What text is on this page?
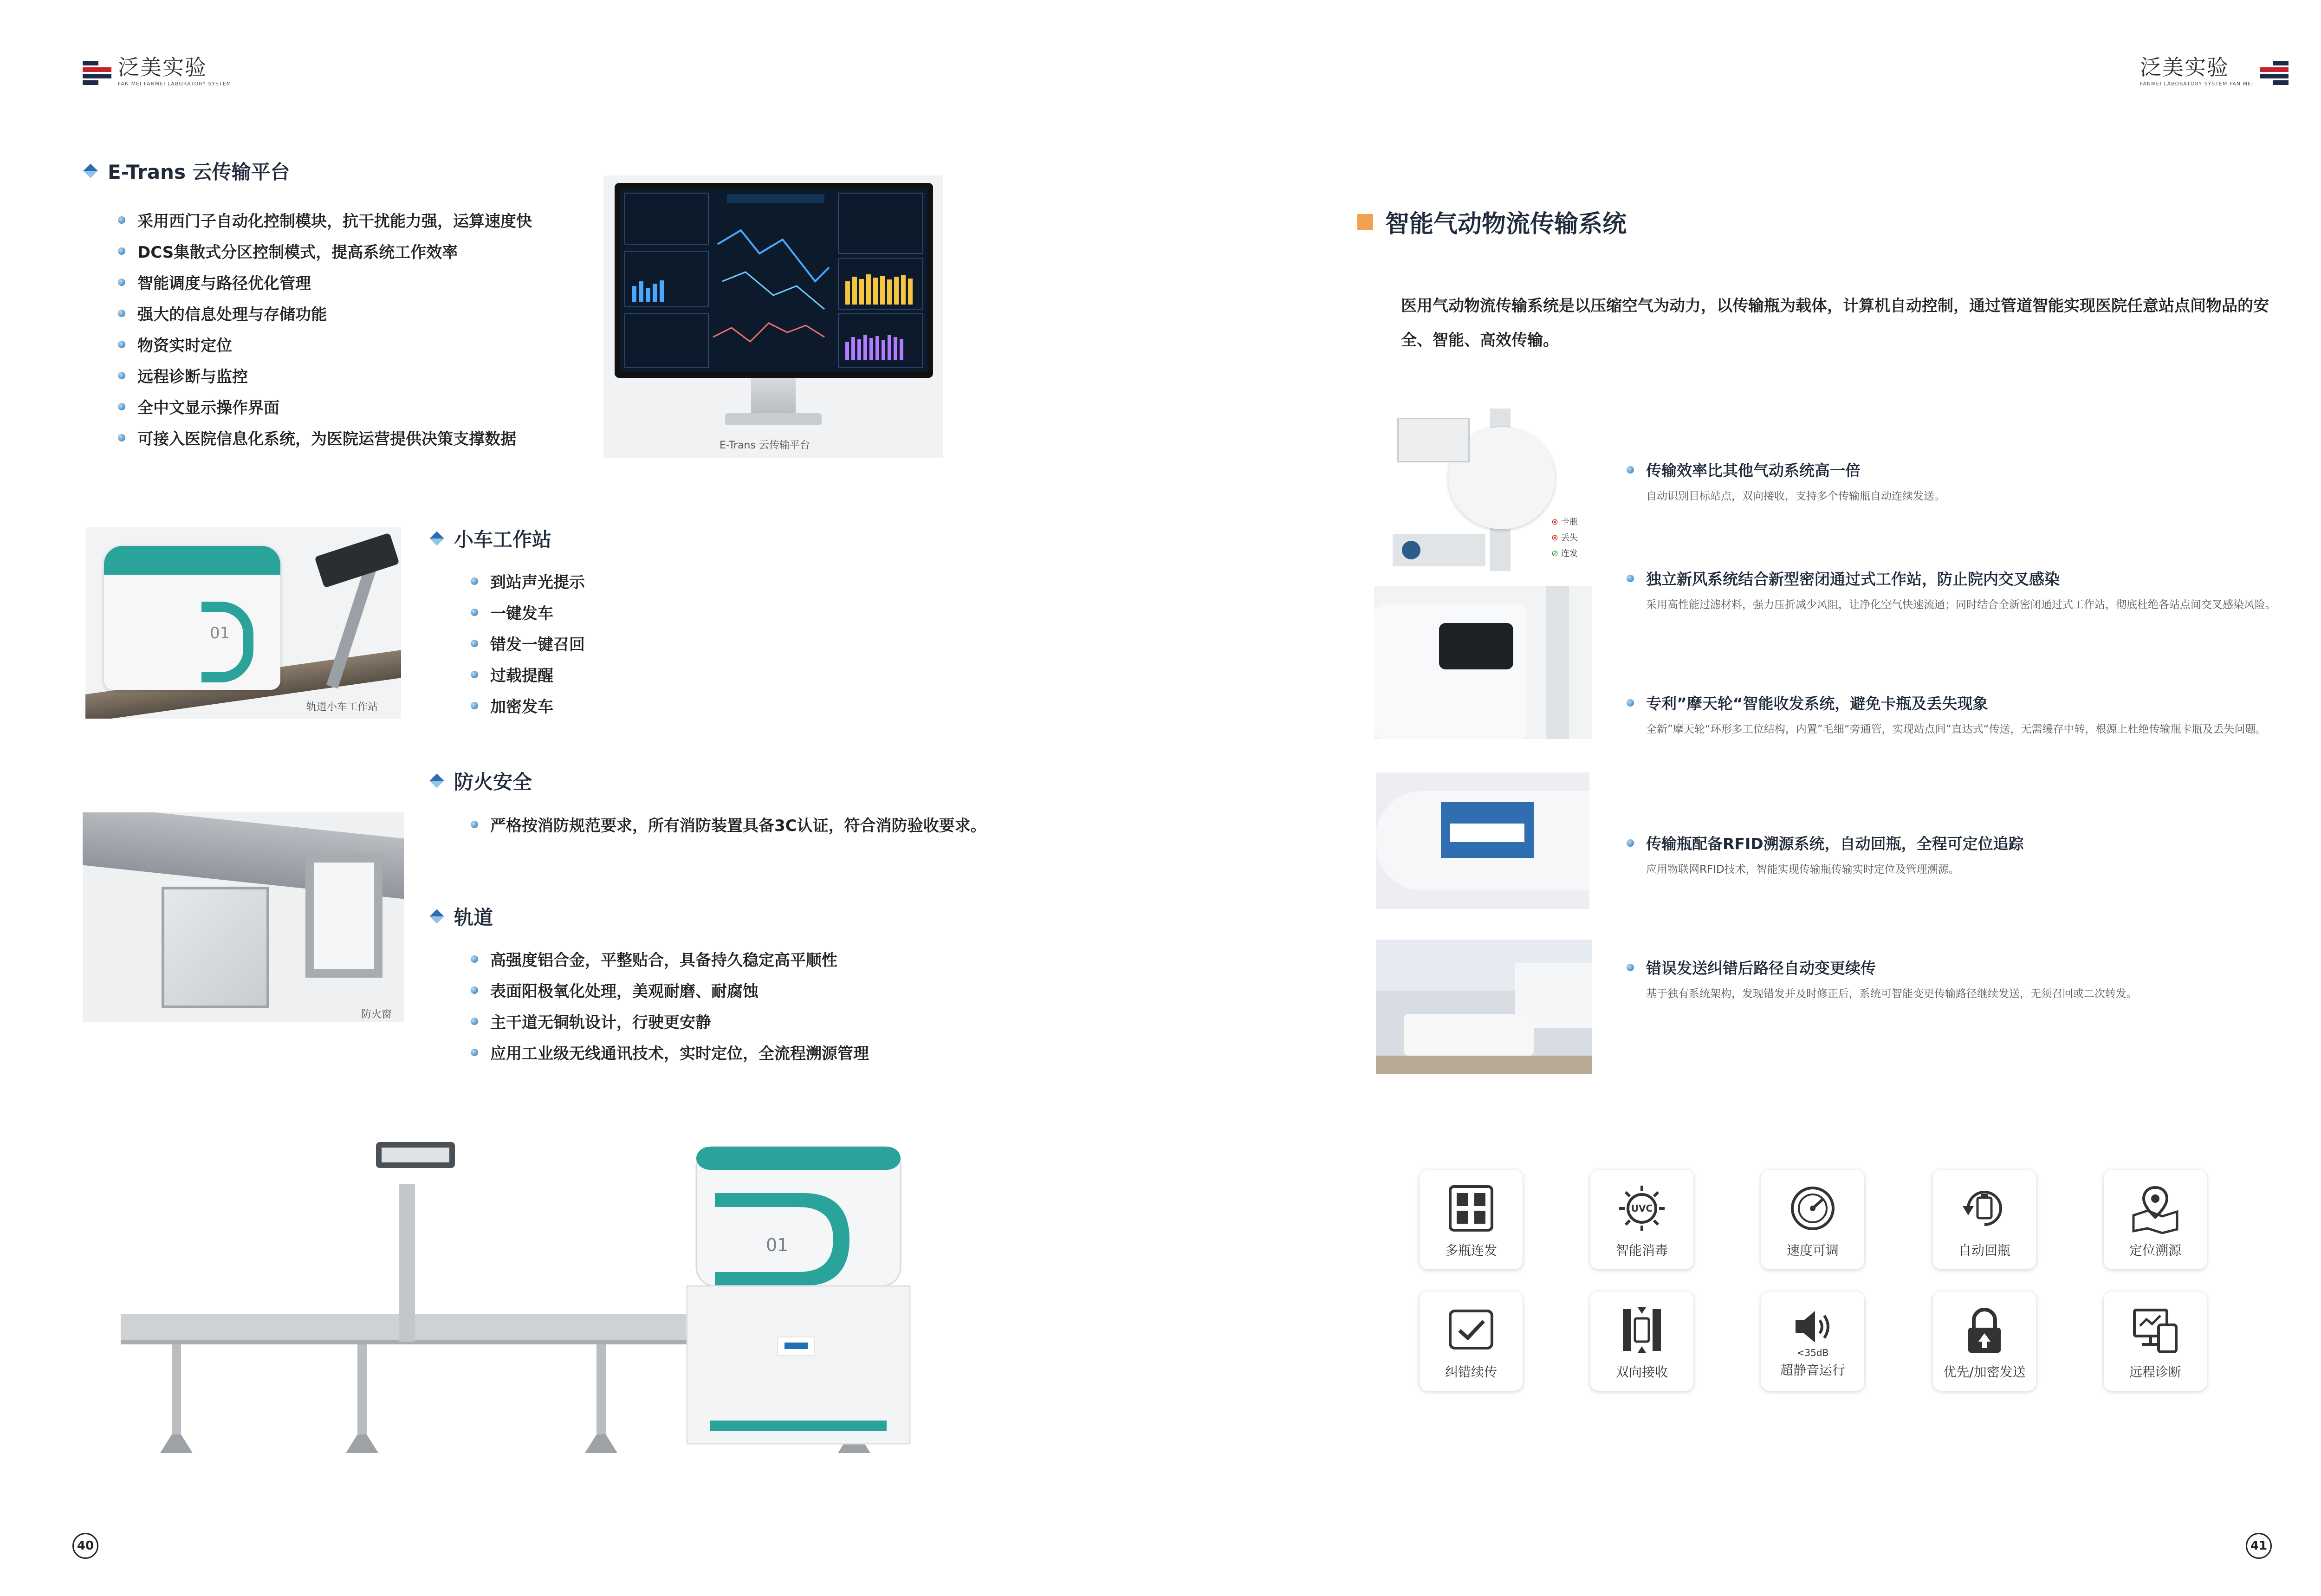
泛美实验
FAN MEI FANMEI LABORATORY SYSTEM
E-Trans 云传输平台
采用西门子自动化控制模块，抗干扰能力强，运算速度快
DCS集散式分区控制模式，提高系统工作效率
智能调度与路径优化管理
强大的信息处理与存储功能
物资实时定位
远程诊断与监控
全中文显示操作界面
可接入医院信息化系统，为医院运营提供决策支撑数据	E-Trans 云传输平台
01
轨道小车工作站
小车工作站
到站声光提示
一键发车
错发一键召回
过载提醒
加密发车
防火窗
防火安全
严格按消防规范要求，所有消防装置具备3C认证，符合消防验收要求。
轨道
高强度铝合金，平整贴合，具备持久稳定高平顺性
表面阳极氧化处理，美观耐磨、耐腐蚀
主干道无铜轨设计，行驶更安静
应用工业级无线通讯技术，实时定位，全流程溯源管理
01
40
泛美实验
FANMEI LABORATORY SYSTEM FAN MEI
智能气动物流传输系统
医用气动物流传输系统是以压缩空气为动力，以传输瓶为载体，计算机自动控制，通过管道智能实现医院任意站点间物品的安全、智能、高效传输。
⊗ 卡瓶
⊗ 丢失
⊘ 连发
传输效率比其他气动系统高一倍
自动识别目标站点，双向接收，支持多个传输瓶自动连续发送。
独立新风系统结合新型密闭通过式工作站，防止院内交叉感染
采用高性能过滤材料，强力压折减少风阻，让净化空气快速流通；同时结合全新密闭通过式工作站，彻底杜绝各站点间交叉感染风险。
专利”摩天轮“智能收发系统，避免卡瓶及丢失现象
全新”摩天轮“环形多工位结构，内置”毛细“旁通管，实现站点间”直达式“传送，无需缓存中转，根源上杜绝传输瓶卡瓶及丢失问题。
传输瓶配备RFID溯源系统，自动回瓶，全程可定位追踪
应用物联网RFID技术，智能实现传输瓶传输实时定位及管理溯源。
错误发送纠错后路径自动变更续传
基于独有系统架构，发现错发并及时修正后，系统可智能变更传输路径继续发送，无须召回或二次转发。
多瓶连发
UVC
智能消毒	速度可调	自动回瓶	定位溯源
纠错续传	双向接收
<35dB
超静音运行	优先/加密发送	远程诊断
41
